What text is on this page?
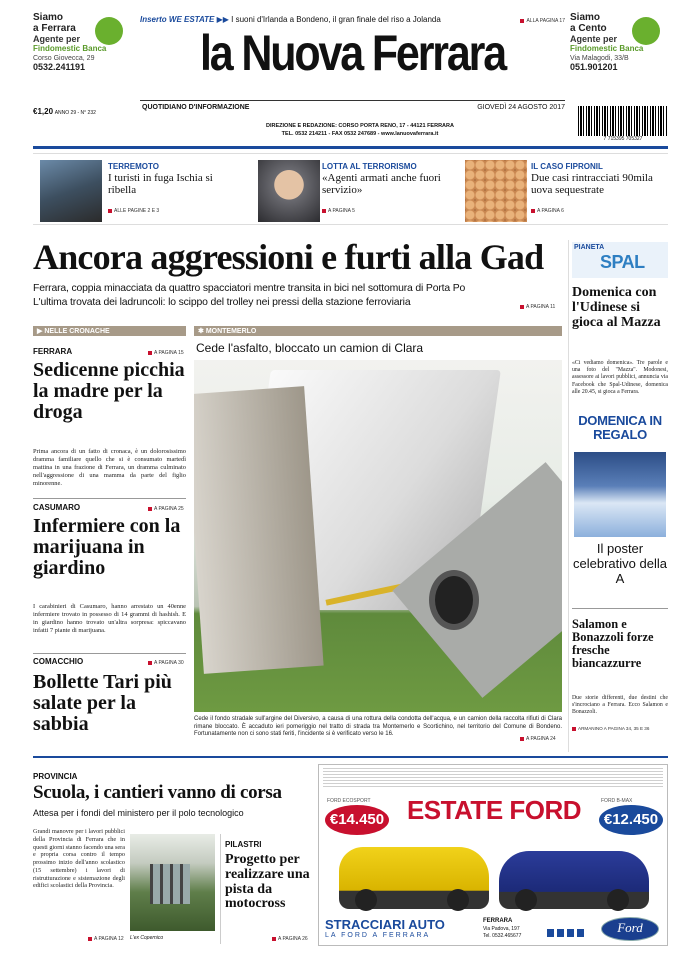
Siamo
a Ferrara
Agente per
Findomestic Banca
Corso Giovecca, 29
0532.241191
Inserto WE ESTATE ▶▶ I suoni d'Irlanda a Bondeno, il gran finale del riso a Jolanda	ALLA PAGINA 17
la Nuova Ferrara
QUOTIDIANO D'INFORMAZIONE	GIOVEDÌ 24 AGOSTO 2017
€1,20 ANNO 29 - N° 232
DIREZIONE E REDAZIONE: CORSO PORTA RENO, 17 - 44121 FERRARA
TEL. 0532 214211 - FAX 0532 247689 - www.lanuovaferrara.it
Siamo
a Cento
Agente per
Findomestic Banca
Via Malagodi, 33/B
051.901201
7 715395 705327
TERREMOTO
I turisti in fuga Ischia si ribella
ALLE PAGINE 2 E 3
LOTTA AL TERRORISMO
«Agenti armati anche fuori servizio»
A PAGINA 5
IL CASO FIPRONIL
Due casi rintracciati 90mila uova sequestrate
A PAGINA 6
Ancora aggressioni e furti alla Gad
Ferrara, coppia minacciata da quattro spacciatori mentre transita in bici nel sottomura di Porta Po
L'ultima trovata dei ladruncoli: lo scippo del trolley nei pressi della stazione ferroviaria	A PAGINA 11
▶ NELLE CRONACHE
FERRARA	A PAGINA 15
Sedicenne picchia la madre per la droga
Prima ancora di un fatto di cronaca, è un dolorosissimo dramma familiare quello che si è consumato martedì mattina in una frazione di Ferrara, un dramma culminato nell'aggressione di una mamma da parte del figlio minorenne.
CASUMARO	A PAGINA 25
Infermiere con la marijuana in giardino
I carabinieri di Casumaro, hanno arrestato un 40enne infermiere trovato in possesso di 14 grammi di hashish. E in giardino hanno trovato un'altra sorpresa: spiccavano infatti 7 piante di marijuana.
COMACCHIO	A PAGINA 30
Bollette Tari più salate per la sabbia
✱ MONTEMERLO
Cede l'asfalto, bloccato un camion di Clara
Cede il fondo stradale sull'argine del Diversivo, a causa di una rottura della condotta dell'acqua, e un camion della raccolta rifiuti di Clara rimane bloccato. È accaduto ieri pomeriggio nel tratto di strada tra Montemerlo e Scortichino, nel territorio del Comune di Bondeno. Fortunatamente non ci sono stati feriti, l'incidente si è verificato verso le 16.
A PAGINA 24
PIANETA
SPAL
Domenica con l'Udinese si gioca al Mazza
«Ci vediamo domenica». Tre parole e una foto del "Mazza". Modonesi, assessore ai lavori pubblici, annuncia via Facebook che Spal-Udinese, domenica alle 20.45, si gioca a Ferrara.
DOMENICA IN REGALO
Il poster celebrativo della A
Salamon e Bonazzoli forze fresche biancazzurre
Due storie differenti, due destini che s'incrociano a Ferrara. Ecco Salamon e Bonazzoli.
ARMANINO A PAGINA 34, 35 E 36
PROVINCIA
Scuola, i cantieri vanno di corsa
Attesa per i fondi del ministero per il polo tecnologico
Grandi manovre per i lavori pubblici della Provincia di Ferrara che in questi giorni stanno facendo una sera e propria corsa contro il tempo prossimo inizio dell'anno scolastico (15 settembre) i lavori di ristrutturazione e sistemazione degli edifici scolastici della Provincia.
L'ex Copernico
A PAGINA 12
PILASTRI
Progetto per realizzare una pista da motocross
A PAGINA 26
ESTATE FORD
FORD ECOSPORT
€14.450
FORD B-MAX
€12.450
STRACCIARI AUTO
LA FORD A FERRARA
FERRARA
Via Padova, 197
Tel. 0532.465677
Ford
